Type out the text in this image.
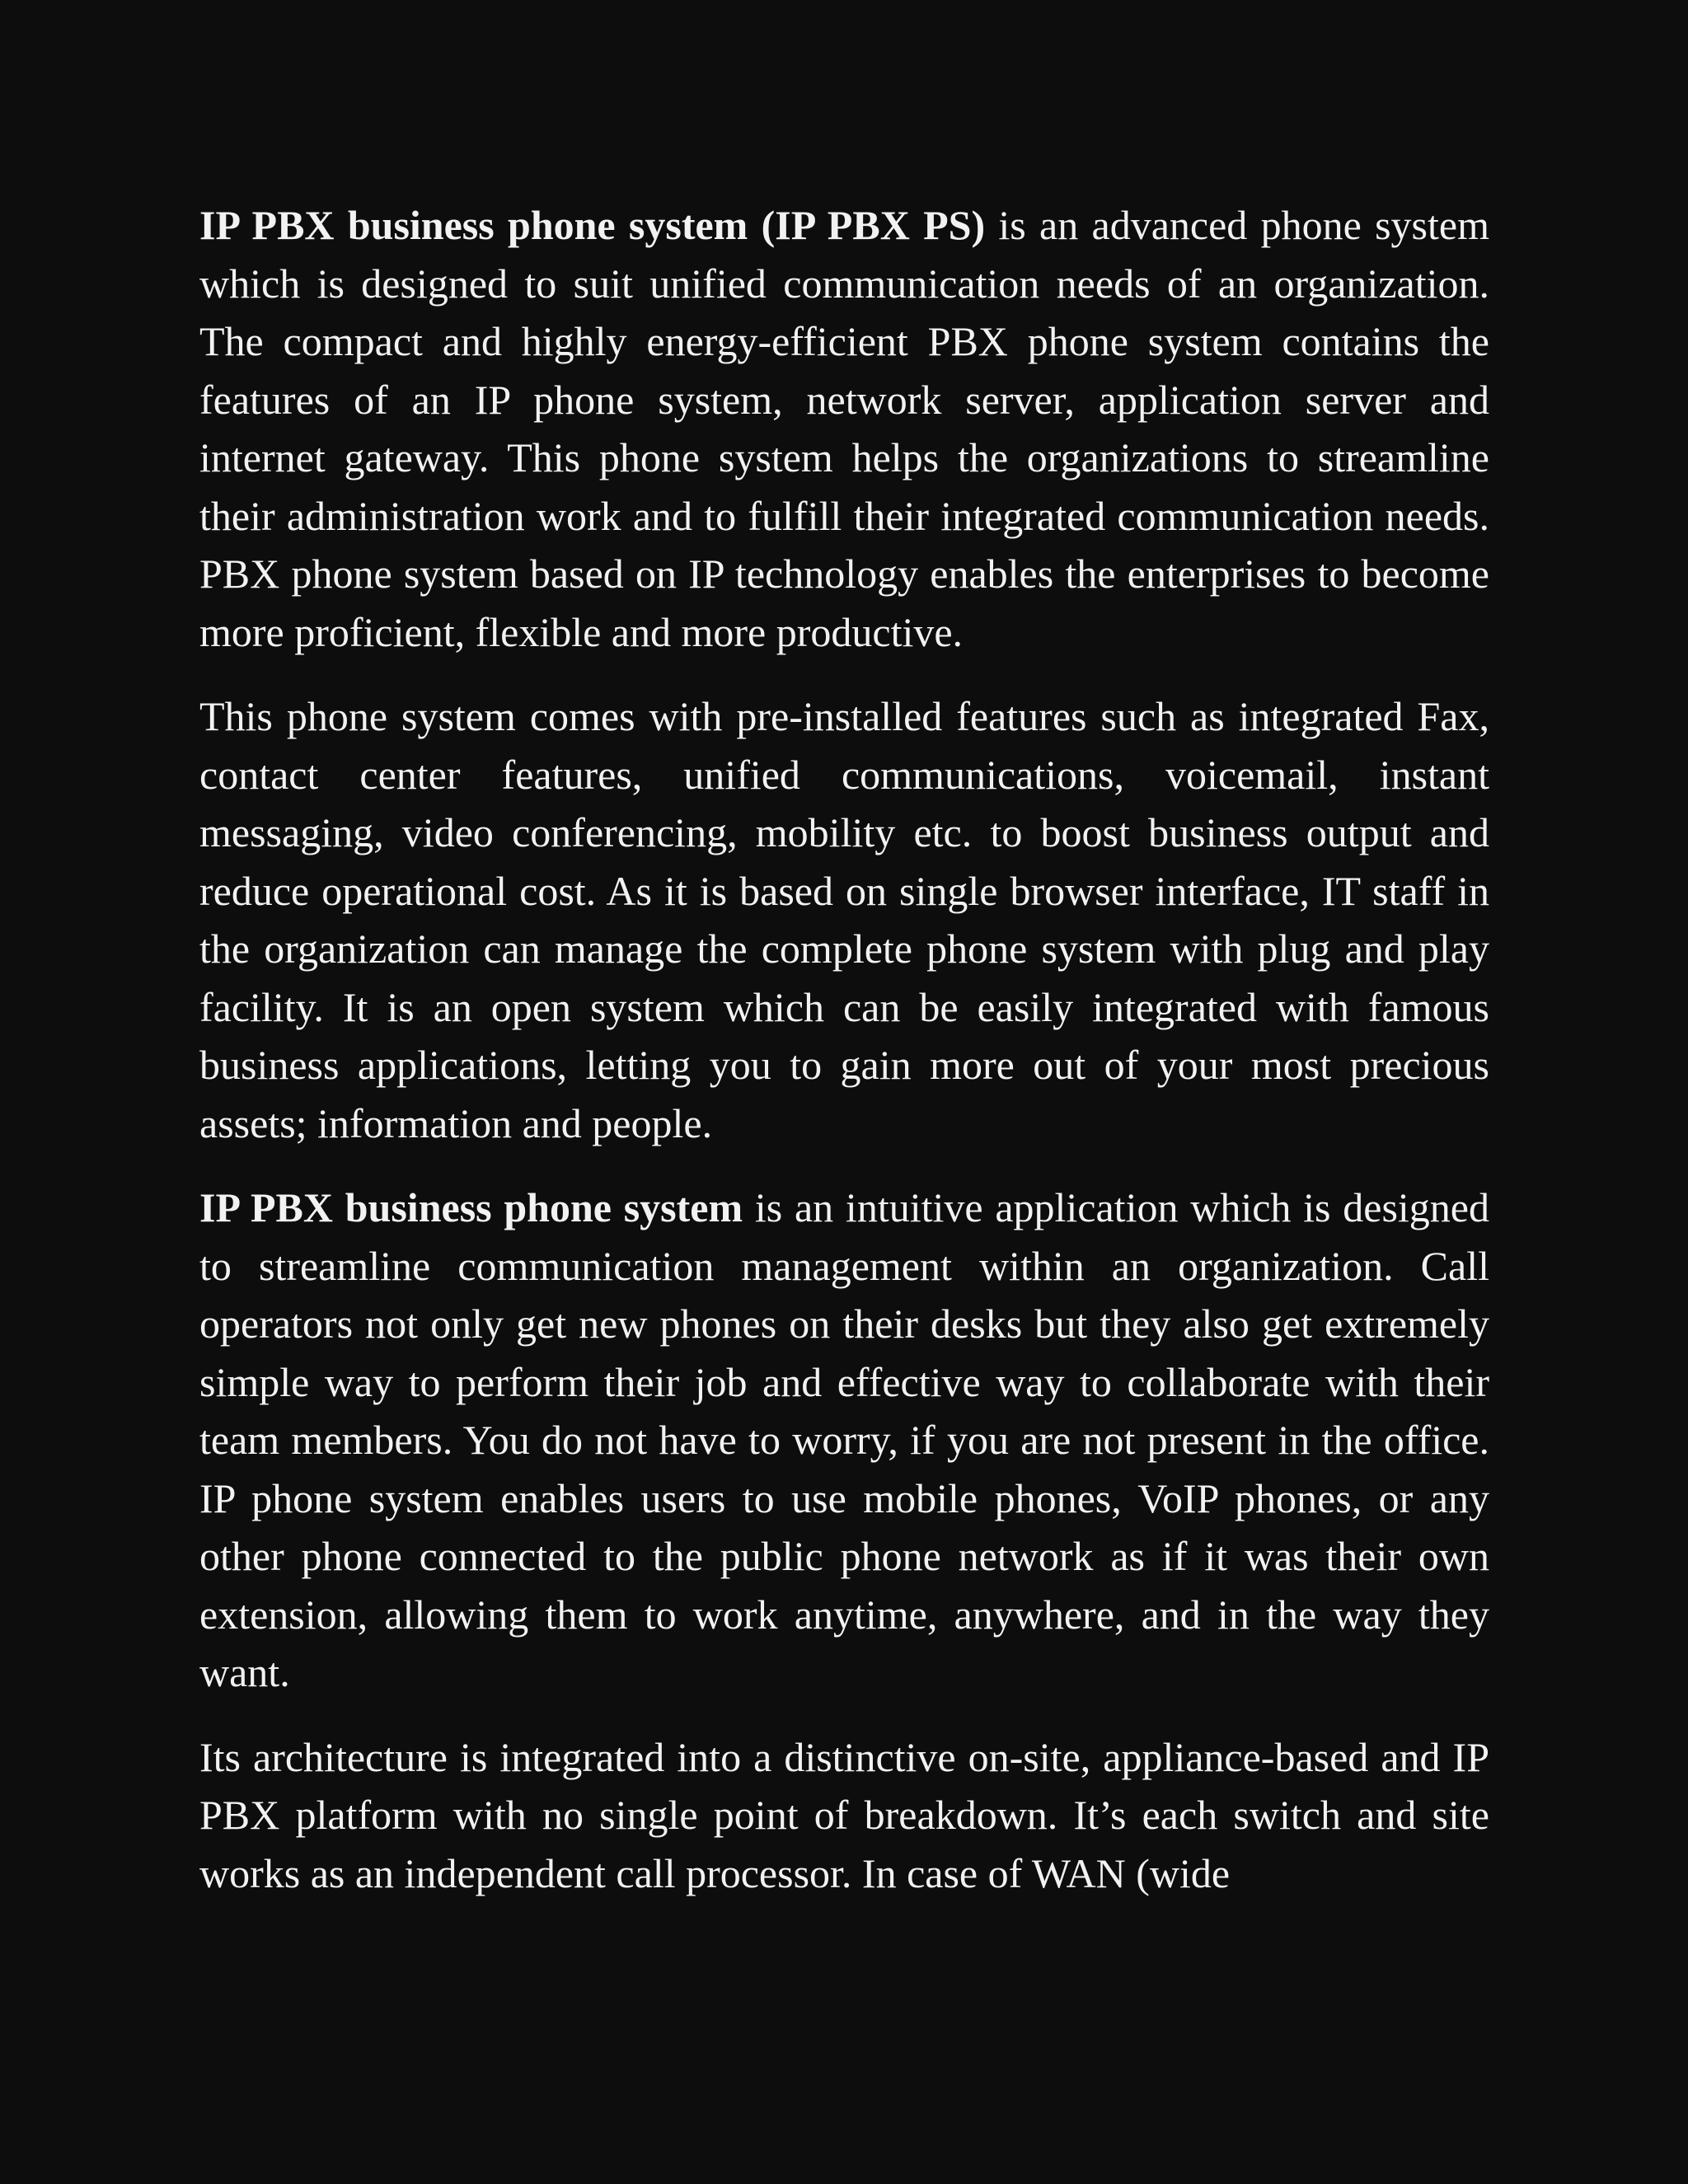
IP PBX business phone system (IP PBX PS) is an advanced phone system which is designed to suit unified communication needs of an organization. The compact and highly energy-efficient PBX phone system contains the features of an IP phone system, network server, application server and internet gateway. This phone system helps the organizations to streamline their administration work and to fulfill their integrated communication needs. PBX phone system based on IP technology enables the enterprises to become more proficient, flexible and more productive.

This phone system comes with pre-installed features such as integrated Fax, contact center features, unified communications, voicemail, instant messaging, video conferencing, mobility etc. to boost business output and reduce operational cost. As it is based on single browser interface, IT staff in the organization can manage the complete phone system with plug and play facility. It is an open system which can be easily integrated with famous business applications, letting you to gain more out of your most precious assets; information and people.

IP PBX business phone system is an intuitive application which is designed to streamline communication management within an organization. Call operators not only get new phones on their desks but they also get extremely simple way to perform their job and effective way to collaborate with their team members. You do not have to worry, if you are not present in the office. IP phone system enables users to use mobile phones, VoIP phones, or any other phone connected to the public phone network as if it was their own extension, allowing them to work anytime, anywhere, and in the way they want.

Its architecture is integrated into a distinctive on-site, appliance-based and IP PBX platform with no single point of breakdown. It’s each switch and site works as an independent call processor. In case of WAN (wide
